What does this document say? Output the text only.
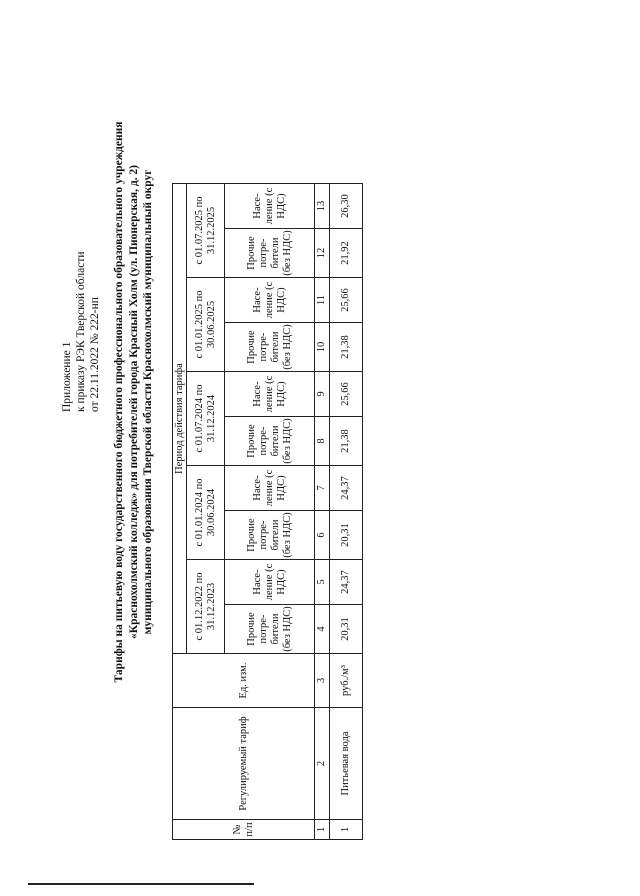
Приложение 1 к приказу РЭК Тверской области от 22.11.2022 № 222-нп Тарифы на питьевую воду государственного бюджетного профессионального образовательного учреждения «Краснохолмский колледж» для потребителей города Красный Холм (ул. Пионерская, д. 2) муниципального образования Тверской области Краснохолмский муниципальный округ
№ п/п	Регулируемый тариф	Ед. изм.	Период действия тарифа									
			с 01.12.2022 по 31.12.2023		с 01.01.2024 по 30.06.2024		с 01.07.2024 по 31.12.2024		с 01.01.2025 по 30.06.2025		с 01.07.2025 по 31.12.2025	
			Прочие потре-бители (без НДС)	Насе-ление (с НДС)	Прочие потре-бители (без НДС)	Насе-ление (с НДС)	Прочие потре-бители (без НДС)	Насе-ление (с НДС)	Прочие потре-бители (без НДС)	Насе-ление (с НДС)	Прочие потре-бители (без НДС)	Насе-ление (с НДС)
1	2	3	4	5	6	7	8	9	10	11	12	13
1	Питьевая вода	руб./м³	20,31	24,37	20,31	24,37	21,38	25,66	21,38	25,66	21,92	26,30
